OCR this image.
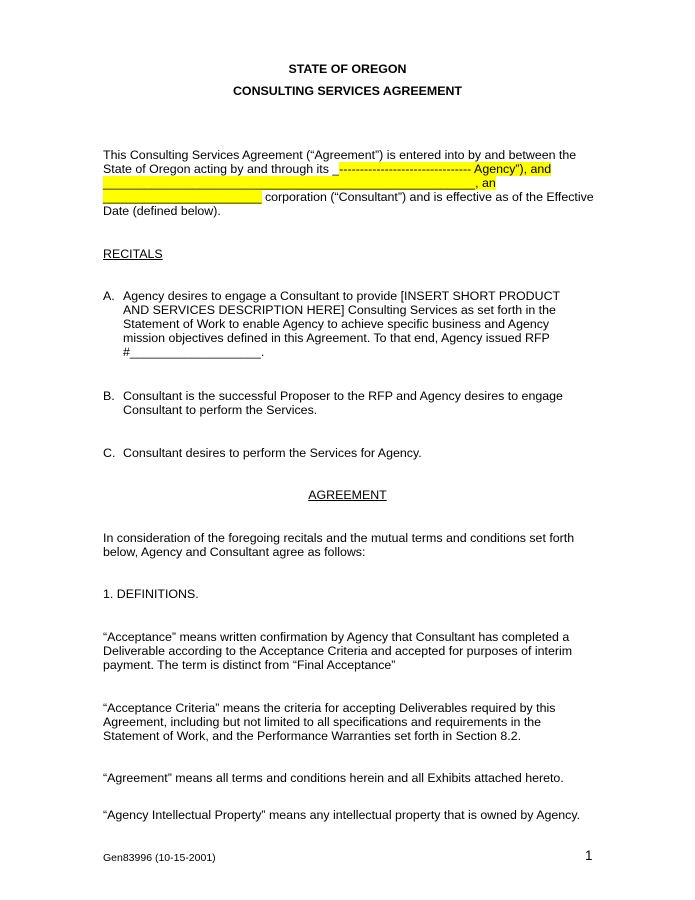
STATE OF OREGON
CONSULTING SERVICES AGREEMENT
This Consulting Services Agreement (“Agreement”) is entered into by and between the
State of Oregon acting by and through its _-------------------------------- Agency”), and
______________________________________________________, an
_______________________ corporation (“Consultant”) and is effective as of the Effective
Date (defined below).
RECITALS
A. Agency desires to engage a Consultant to provide [INSERT SHORT PRODUCT
AND SERVICES DESCRIPTION HERE] Consulting Services as set forth in the
Statement of Work to enable Agency to achieve specific business and Agency
mission objectives defined in this Agreement. To that end, Agency issued RFP
#___________________.
B. Consultant is the successful Proposer to the RFP and Agency desires to engage
Consultant to perform the Services.
C. Consultant desires to perform the Services for Agency.
AGREEMENT
In consideration of the foregoing recitals and the mutual terms and conditions set forth
below, Agency and Consultant agree as follows:
1. DEFINITIONS.
“Acceptance” means written confirmation by Agency that Consultant has completed a
Deliverable according to the Acceptance Criteria and accepted for purposes of interim
payment. The term is distinct from “Final Acceptance”
“Acceptance Criteria” means the criteria for accepting Deliverables required by this
Agreement, including but not limited to all specifications and requirements in the
Statement of Work, and the Performance Warranties set forth in Section 8.2.
“Agreement” means all terms and conditions herein and all Exhibits attached hereto.
“Agency Intellectual Property” means any intellectual property that is owned by Agency.
Gen83996 (10-15-2001)	1
